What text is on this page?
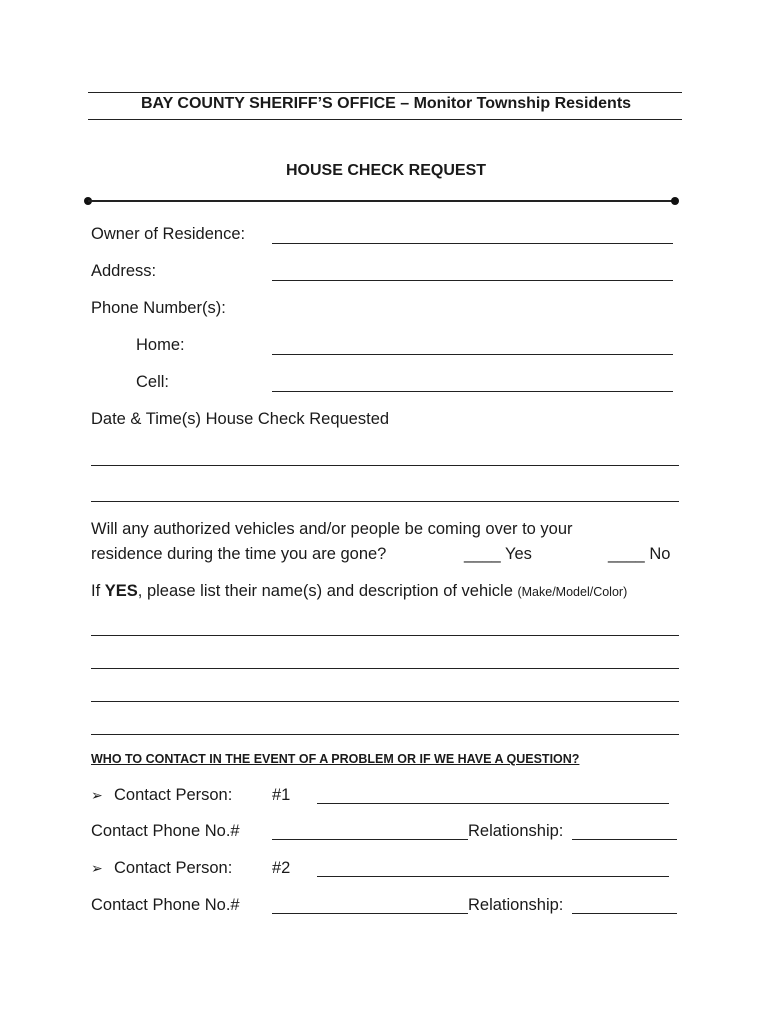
BAY COUNTY SHERIFF’S OFFICE – Monitor Township Residents
HOUSE CHECK REQUEST
Owner of Residence:
Address:
Phone Number(s):
Home:
Cell:
Date & Time(s) House Check Requested
Will any authorized vehicles and/or people be coming over to your
residence during the time you are gone?	____ Yes	____ No
If YES, please list their name(s) and description of vehicle (Make/Model/Color)
WHO TO CONTACT IN THE EVENT OF A PROBLEM OR IF WE HAVE A QUESTION?
➢ Contact Person: #1
Contact Phone No.#	Relationship:
➢ Contact Person: #2
Contact Phone No.#	Relationship:
